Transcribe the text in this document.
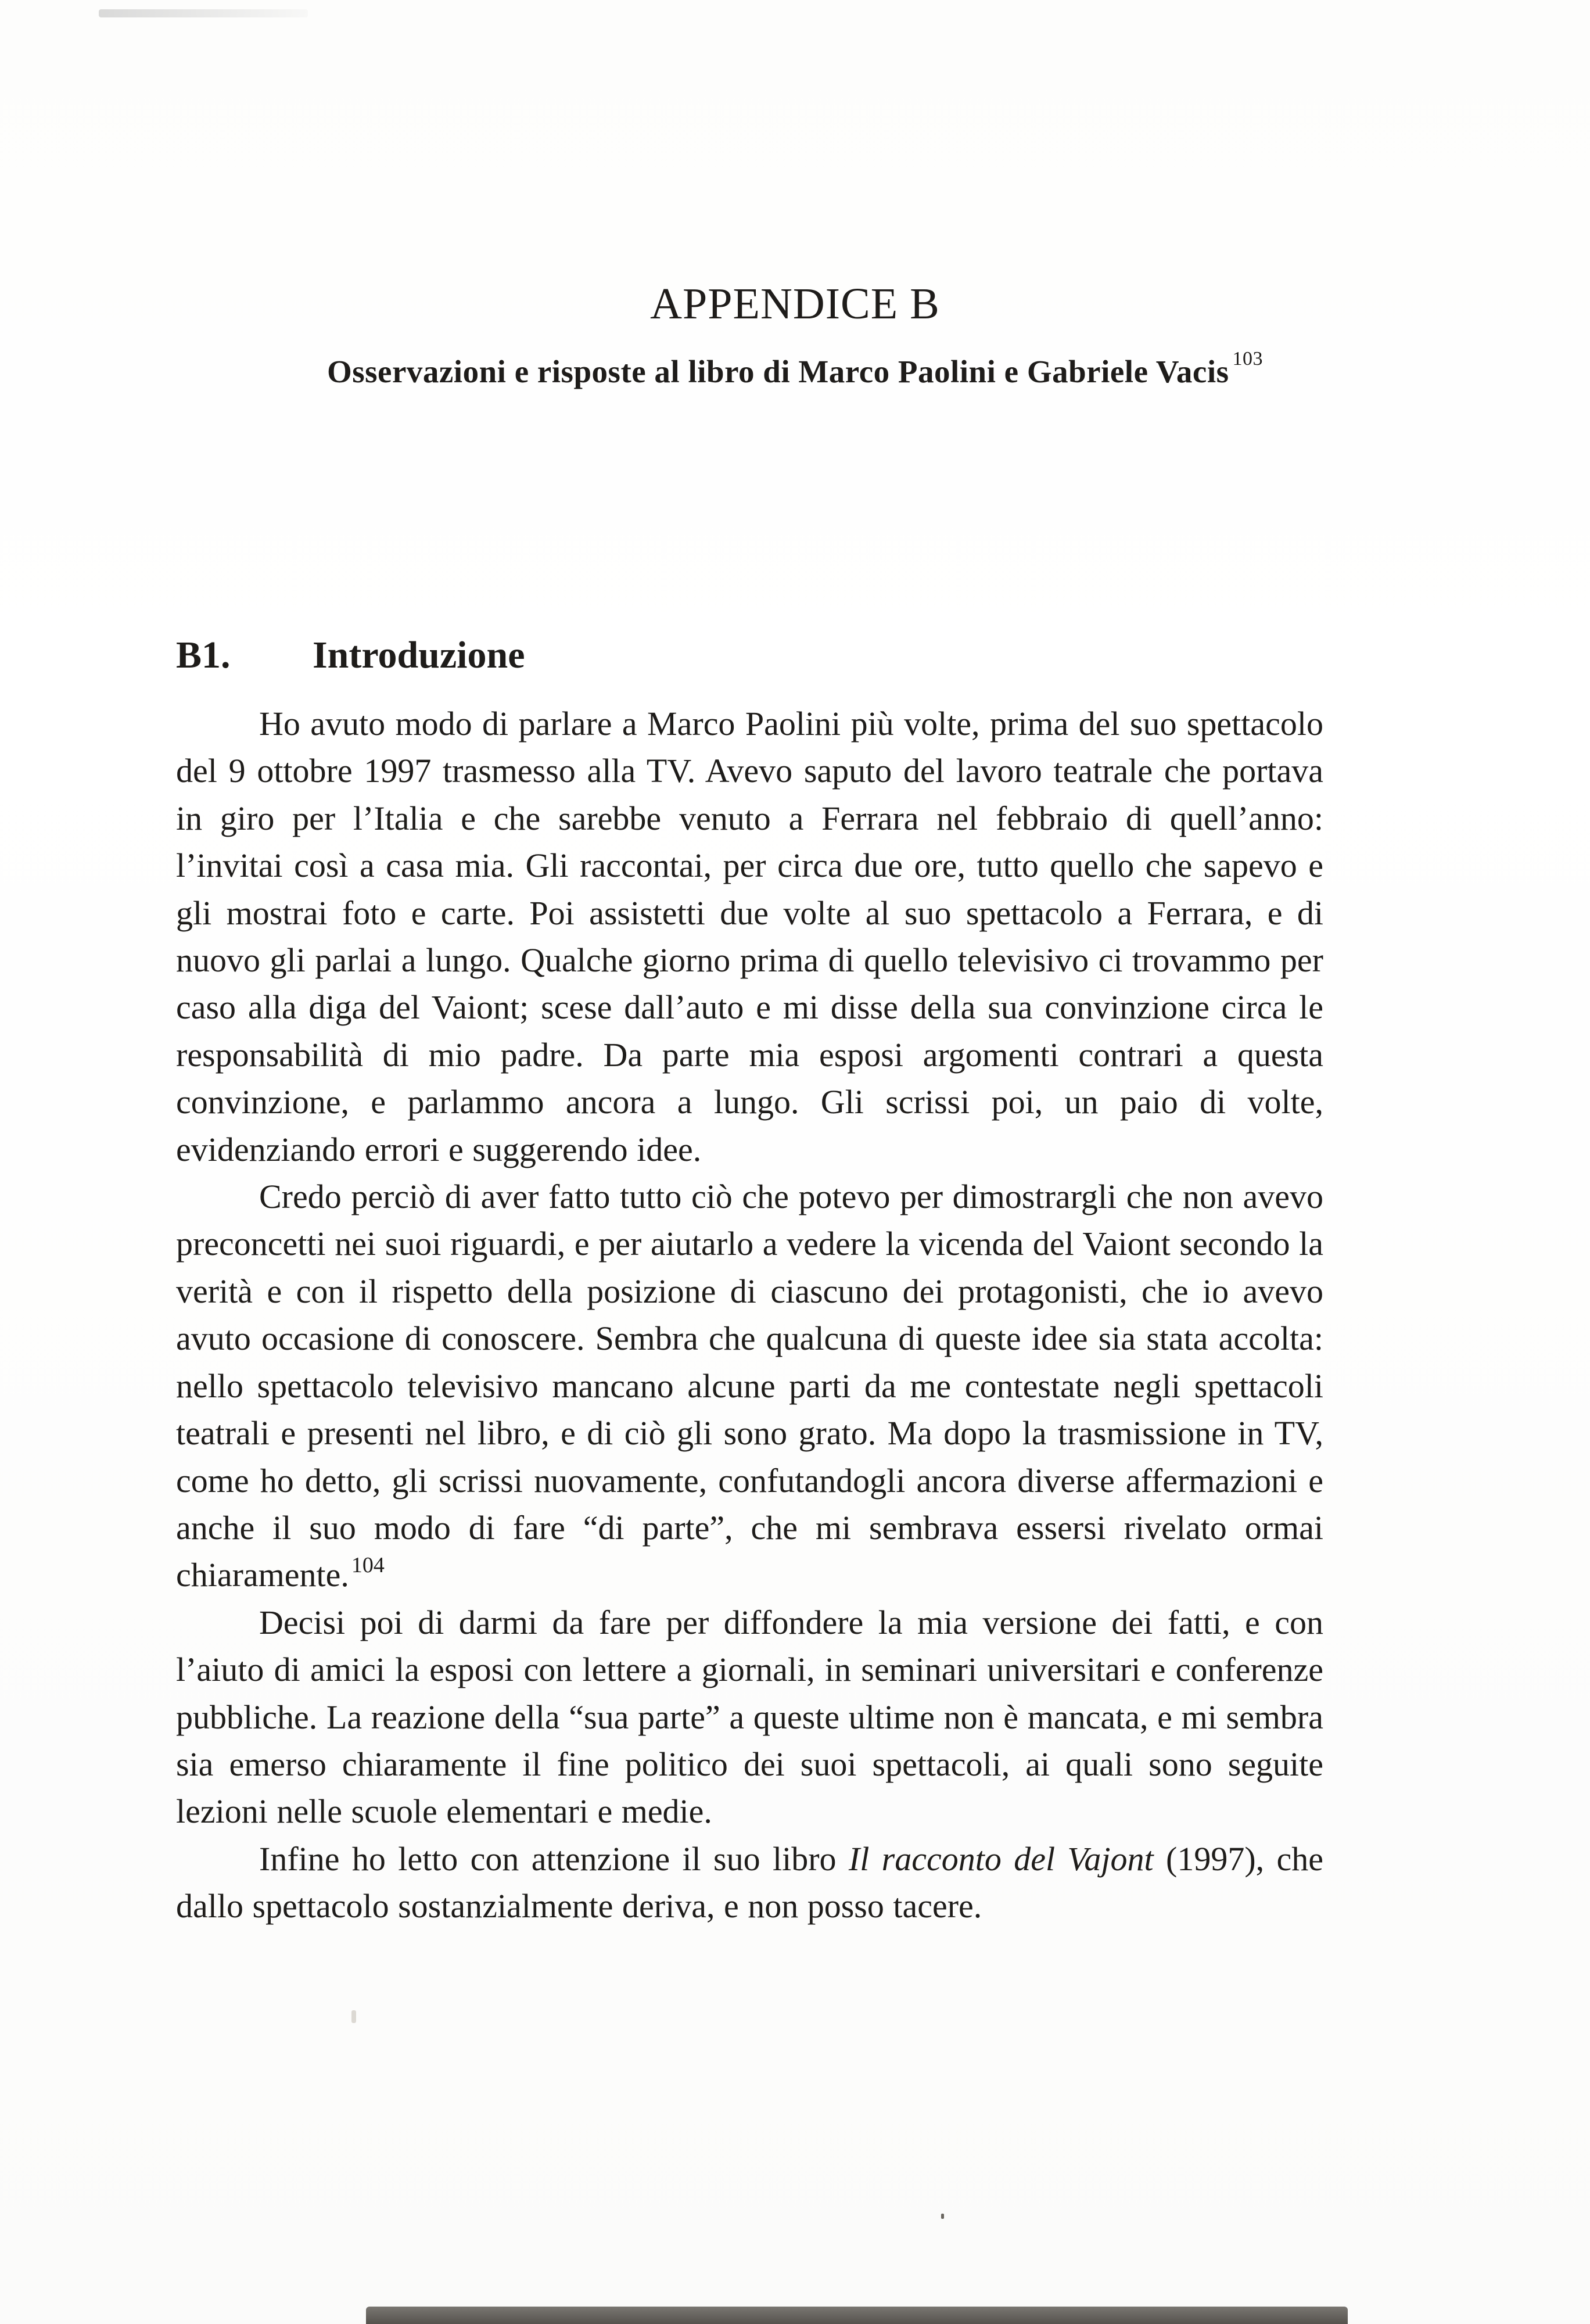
APPENDICE B
Osservazioni e risposte al libro di Marco Paolini e Gabriele Vacis $^{103}$
B1. Introduzione

Ho avuto modo di parlare a Marco Paolini più volte, prima del suo spettacolo del 9 ottobre 1997 trasmesso alla TV. Avevo saputo del lavoro teatrale che portava in giro per l’Italia e che sarebbe venuto a Ferrara nel febbraio di quell’anno: l’invitai così a casa mia. Gli raccontai, per circa due ore, tutto quello che sapevo e gli mostrai foto e carte. Poi assistetti due volte al suo spettacolo a Ferrara, e di nuovo gli parlai a lungo. Qualche giorno prima di quello televisivo ci trovammo per caso alla diga del Vaiont; scese dall’auto e mi disse della sua convinzione circa le responsabilità di mio padre. Da parte mia esposi argomenti contrari a questa convinzione, e parlammo ancora a lungo. Gli scrissi poi, un paio di volte, evidenziando errori e suggerendo idee.

Credo perciò di aver fatto tutto ciò che potevo per dimostrargli che non avevo preconcetti nei suoi riguardi, e per aiutarlo a vedere la vicenda del Vaiont secondo la verità e con il rispetto della posizione di ciascuno dei protagonisti, che io avevo avuto occasione di conoscere. Sembra che qualcuna di queste idee sia stata accolta: nello spettacolo televisivo mancano alcune parti da me contestate negli spettacoli teatrali e presenti nel libro, e di ciò gli sono grato. Ma dopo la trasmissione in TV, come ho detto, gli scrissi nuovamente, confutandogli ancora diverse affermazioni e anche il suo modo di fare “di parte”, che mi sembrava essersi rivelato ormai chiaramente. $^{104}$

Decisi poi di darmi da fare per diffondere la mia versione dei fatti, e con l’aiuto di amici la esposi con lettere a giornali, in seminari universitari e conferenze pubbliche. La reazione della “sua parte” a queste ultime non è mancata, e mi sembra sia emerso chiaramente il fine politico dei suoi spettacoli, ai quali sono seguite lezioni nelle scuole elementari e medie.

Infine ho letto con attenzione il suo libro Il racconto del Vajont (1997), che dallo spettacolo sostanzialmente deriva, e non posso tacere.
